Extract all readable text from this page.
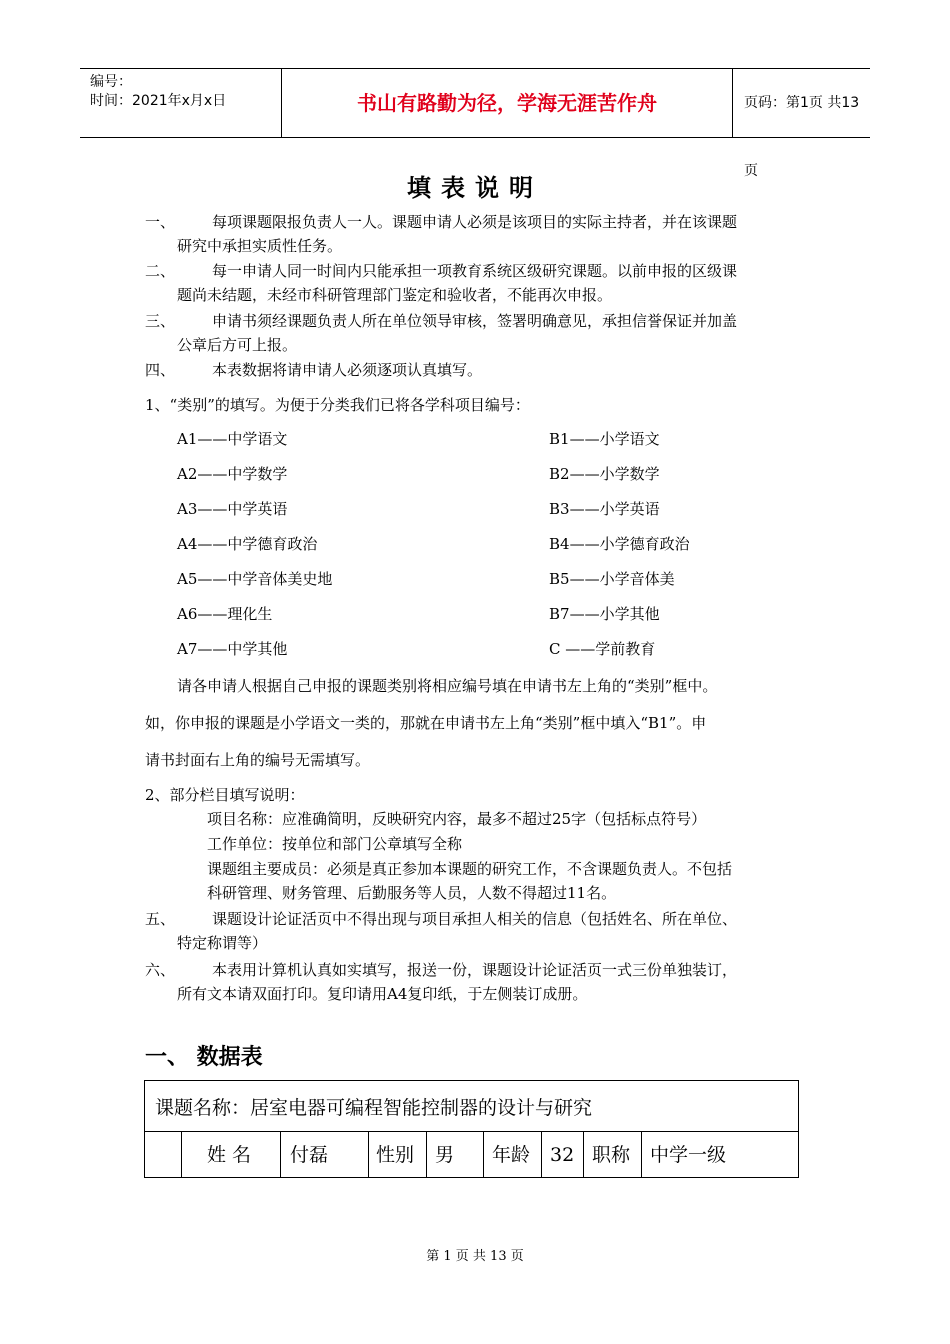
编号：
时间：2021年x月x日	书山有路勤为径，学海无涯苦作舟	页码：第1页 共13页
填表说明
一、 每项课题限报负责人一人。课题申请人必须是该项目的实际主持者，并在该课题
研究中承担实质性任务。
二、 每一申请人同一时间内只能承担一项教育系统区级研究课题。以前申报的区级课
题尚未结题，未经市科研管理部门鉴定和验收者，不能再次申报。
三、 申请书须经课题负责人所在单位领导审核，签署明确意见，承担信誉保证并加盖
公章后方可上报。
四、 本表数据将请申请人必须逐项认真填写。
1、“类别”的填写。为便于分类我们已将各学科项目编号：
A1——中学语文	B1——小学语文
A2——中学数学	B2——小学数学
A3——中学英语	B3——小学英语
A4——中学德育政治	B4——小学德育政治
A5——中学音体美史地	B5——小学音体美
A6——理化生	B7——小学其他
A7——中学其他	C ——学前教育
请各申请人根据自己申报的课题类别将相应编号填在申请书左上角的“类别”框中。
如，你申报的课题是小学语文一类的，那就在申请书左上角“类别”框中填入“B1”。申
请书封面右上角的编号无需填写。
2、部分栏目填写说明：
项目名称：应准确简明，反映研究内容，最多不超过25字（包括标点符号）
工作单位：按单位和部门公章填写全称
课题组主要成员：必须是真正参加本课题的研究工作，不含课题负责人。不包括
科研管理、财务管理、后勤服务等人员，人数不得超过11名。
五、 课题设计论证活页中不得出现与项目承担人相关的信息（包括姓名、所在单位、
特定称谓等）
六、 本表用计算机认真如实填写，报送一份，课题设计论证活页一式三份单独装订，
所有文本请双面打印。复印请用A4复印纸，于左侧装订成册。
一、 数据表
课题名称：居室电器可编程智能控制器的设计与研究
姓 名 付磊	性别 男 年龄 32 职称 中学一级
第 1 页 共 13 页
